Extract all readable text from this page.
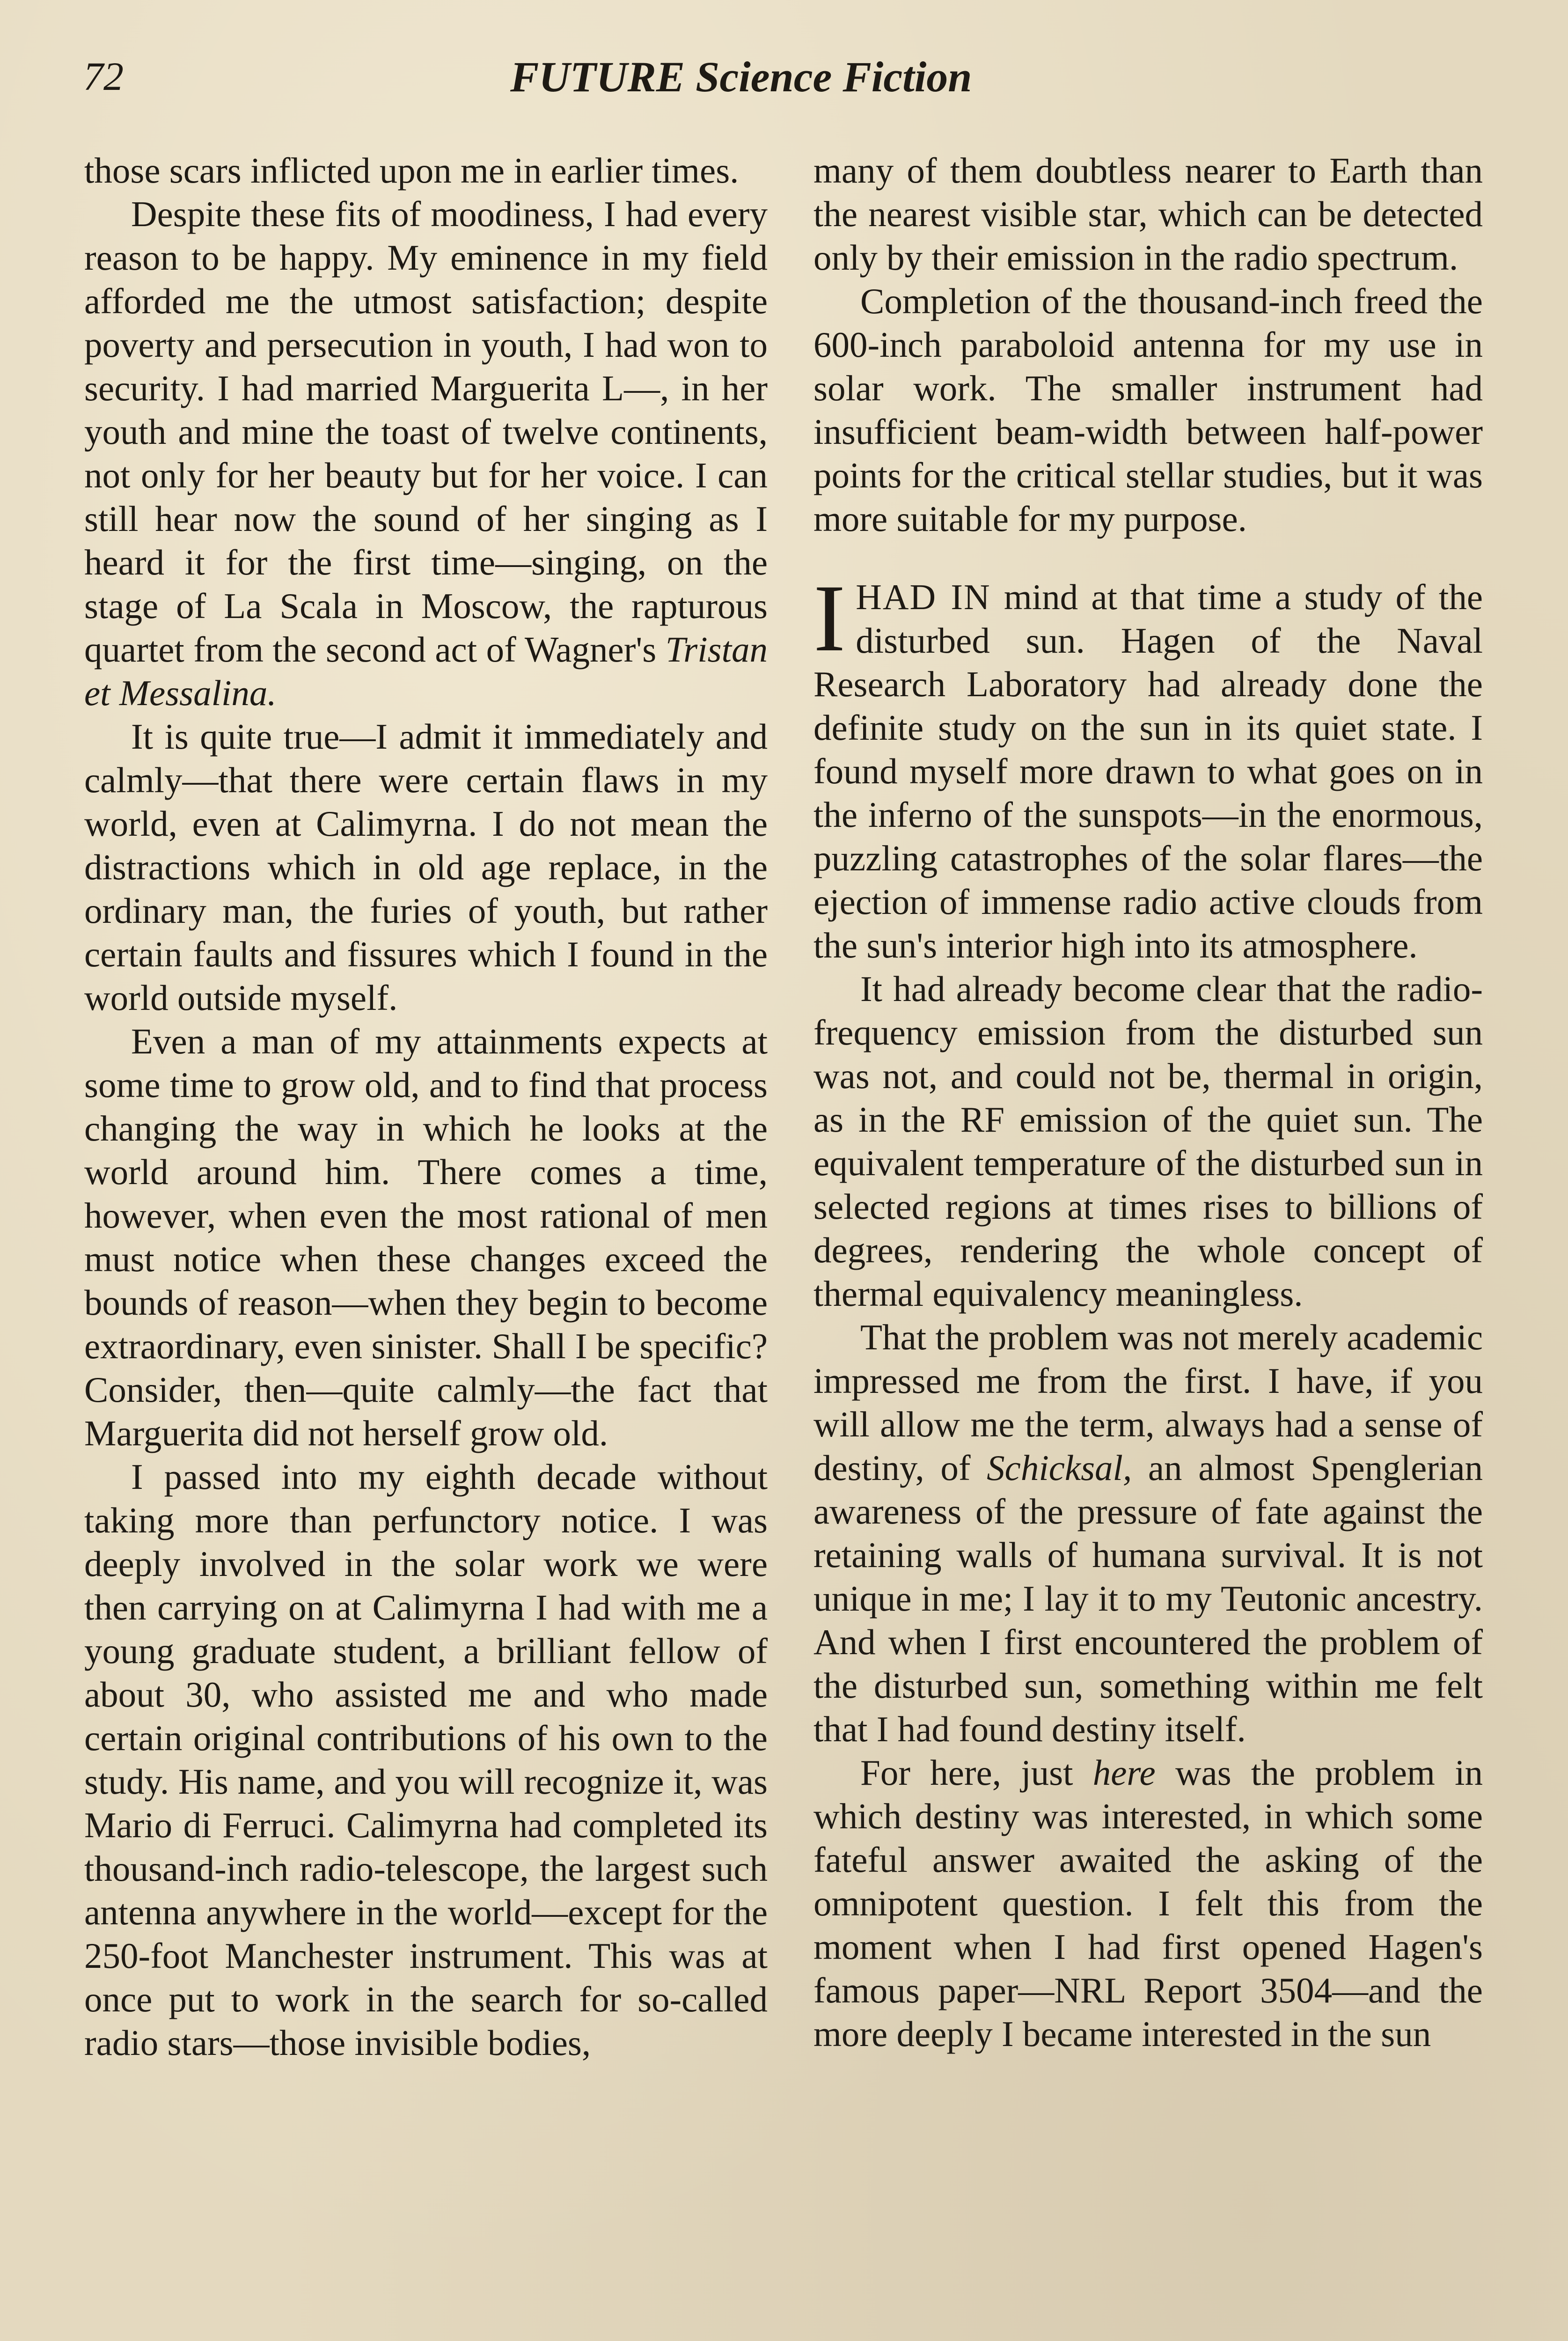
72	FUTURE Science Fiction

those scars inflicted upon me in earlier times.

Despite these fits of moodiness, I had every reason to be happy. My eminence in my field afforded me the utmost satisfaction; despite poverty and persecution in youth, I had won to security. I had married Marguerita L—, in her youth and mine the toast of twelve continents, not only for her beauty but for her voice. I can still hear now the sound of her singing as I heard it for the first time—singing, on the stage of La Scala in Moscow, the rapturous quartet from the second act of Wagner's Tristan et Messalina.

It is quite true—I admit it immediately and calmly—that there were certain flaws in my world, even at Calimyrna. I do not mean the distractions which in old age replace, in the ordinary man, the furies of youth, but rather certain faults and fissures which I found in the world outside myself.

Even a man of my attainments expects at some time to grow old, and to find that process changing the way in which he looks at the world around him. There comes a time, however, when even the most rational of men must notice when these changes exceed the bounds of reason—when they begin to become extraordinary, even sinister. Shall I be specific? Consider, then—quite calmly—the fact that Marguerita did not herself grow old.

I passed into my eighth decade without taking more than perfunctory notice. I was deeply involved in the solar work we were then carrying on at Calimyrna I had with me a young graduate student, a brilliant fellow of about 30, who assisted me and who made certain original contributions of his own to the study. His name, and you will recognize it, was Mario di Ferruci. Calimyrna had completed its thousand-inch radio-telescope, the largest such antenna anywhere in the world—except for the 250-foot Manchester instrument. This was at once put to work in the search for so-called radio stars—those invisible bodies,

many of them doubtless nearer to Earth than the nearest visible star, which can be detected only by their emission in the radio spectrum.

Completion of the thousand-inch freed the 600-inch paraboloid antenna for my use in solar work. The smaller instrument had insufficient beam-width between half-power points for the critical stellar studies, but it was more suitable for my purpose.

IHAD IN mind at that time a study of the disturbed sun. Hagen of the Naval Research Laboratory had already done the definite study on the sun in its quiet state. I found myself more drawn to what goes on in the inferno of the sunspots—in the enormous, puzzling catastrophes of the solar flares—the ejection of immense radio active clouds from the sun's interior high into its atmosphere.

It had already become clear that the radio-frequency emission from the disturbed sun was not, and could not be, thermal in origin, as in the RF emission of the quiet sun. The equivalent temperature of the disturbed sun in selected regions at times rises to billions of degrees, rendering the whole concept of thermal equivalency meaningless.

That the problem was not merely academic impressed me from the first. I have, if you will allow me the term, always had a sense of destiny, of Schicksal, an almost Spenglerian awareness of the pressure of fate against the retaining walls of humana survival. It is not unique in me; I lay it to my Teutonic ancestry. And when I first encountered the problem of the disturbed sun, something within me felt that I had found destiny itself.

For here, just here was the problem in which destiny was interested, in which some fateful answer awaited the asking of the omnipotent question. I felt this from the moment when I had first opened Hagen's famous paper—NRL Report 3504—and the more deeply I became interested in the sun
